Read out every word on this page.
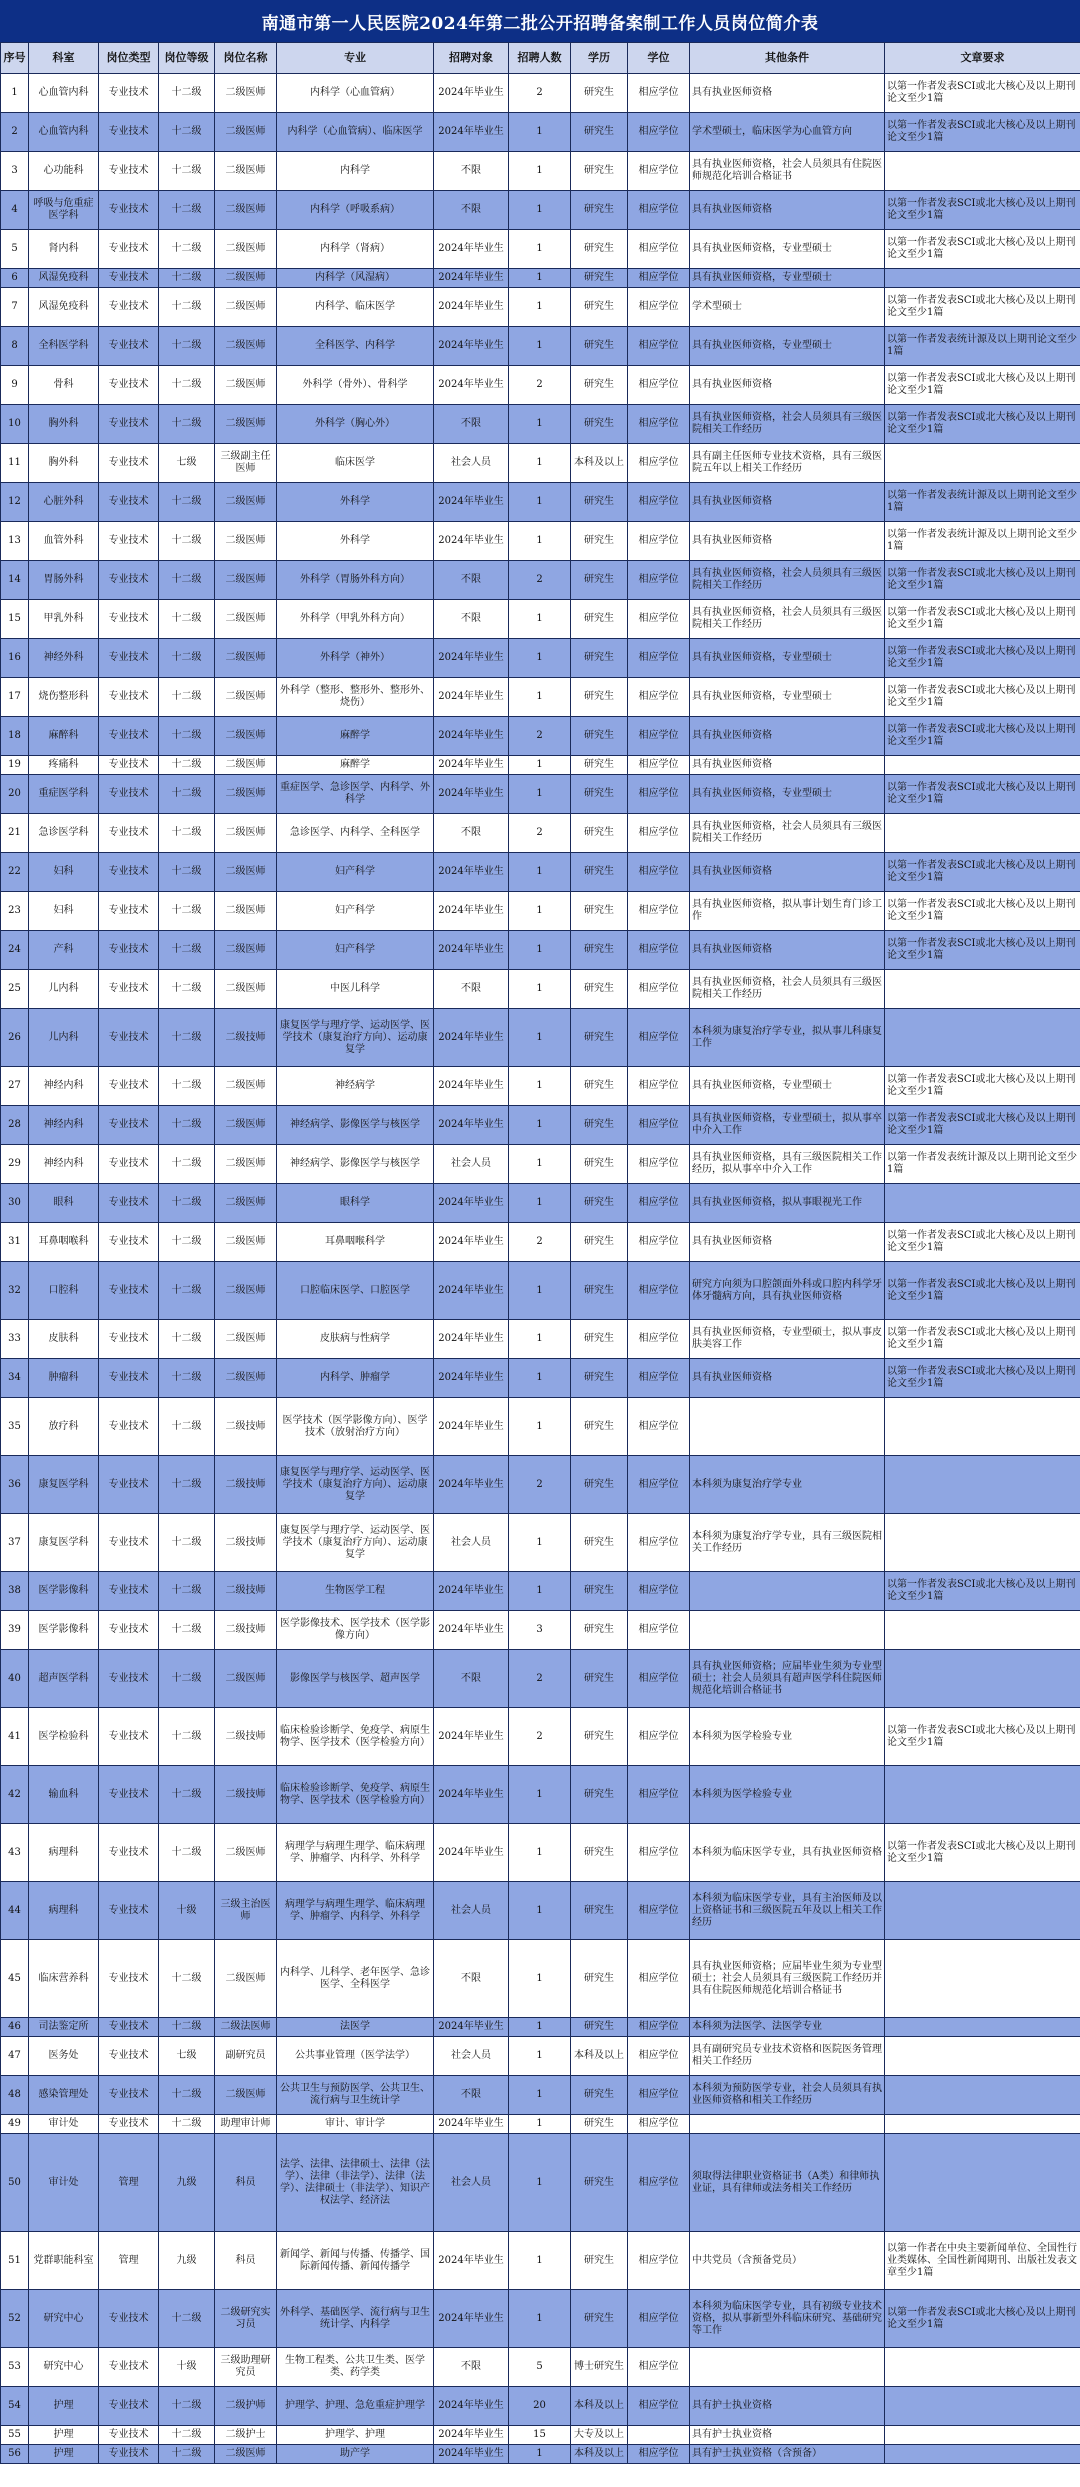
南通市第一人民医院2024年第二批公开招聘备案制工作人员岗位简介表
序号	科室	岗位类型	岗位等级	岗位名称	专业	招聘对象	招聘人数	学历	学位	其他条件	文章要求
1	心血管内科	专业技术	十二级	二级医师	内科学（心血管病）	2024年毕业生	2	研究生	相应学位	具有执业医师资格	以第一作者发表SCI或北大核心及以上期刊论文至少1篇
2	心血管内科	专业技术	十二级	二级医师	内科学（心血管病）、临床医学	2024年毕业生	1	研究生	相应学位	学术型硕士，临床医学为心血管方向	以第一作者发表SCI或北大核心及以上期刊论文至少1篇
3	心功能科	专业技术	十二级	二级医师	内科学	不限	1	研究生	相应学位	具有执业医师资格，社会人员须具有住院医师规范化培训合格证书	
4	呼吸与危重症医学科	专业技术	十二级	二级医师	内科学（呼吸系病）	不限	1	研究生	相应学位	具有执业医师资格	以第一作者发表SCI或北大核心及以上期刊论文至少1篇
5	肾内科	专业技术	十二级	二级医师	内科学（肾病）	2024年毕业生	1	研究生	相应学位	具有执业医师资格，专业型硕士	以第一作者发表SCI或北大核心及以上期刊论文至少1篇
6	风湿免疫科	专业技术	十二级	二级医师	内科学（风湿病）	2024年毕业生	1	研究生	相应学位	具有执业医师资格，专业型硕士	
7	风湿免疫科	专业技术	十二级	二级医师	内科学、临床医学	2024年毕业生	1	研究生	相应学位	学术型硕士	以第一作者发表SCI或北大核心及以上期刊论文至少1篇
8	全科医学科	专业技术	十二级	二级医师	全科医学、内科学	2024年毕业生	1	研究生	相应学位	具有执业医师资格，专业型硕士	以第一作者发表统计源及以上期刊论文至少1篇
9	骨科	专业技术	十二级	二级医师	外科学（骨外）、骨科学	2024年毕业生	2	研究生	相应学位	具有执业医师资格	以第一作者发表SCI或北大核心及以上期刊论文至少1篇
10	胸外科	专业技术	十二级	二级医师	外科学（胸心外）	不限	1	研究生	相应学位	具有执业医师资格，社会人员须具有三级医院相关工作经历	以第一作者发表SCI或北大核心及以上期刊论文至少1篇
11	胸外科	专业技术	七级	三级副主任医师	临床医学	社会人员	1	本科及以上	相应学位	具有副主任医师专业技术资格，具有三级医院五年以上相关工作经历	
12	心脏外科	专业技术	十二级	二级医师	外科学	2024年毕业生	1	研究生	相应学位	具有执业医师资格	以第一作者发表统计源及以上期刊论文至少1篇
13	血管外科	专业技术	十二级	二级医师	外科学	2024年毕业生	1	研究生	相应学位	具有执业医师资格	以第一作者发表统计源及以上期刊论文至少1篇
14	胃肠外科	专业技术	十二级	二级医师	外科学（胃肠外科方向）	不限	2	研究生	相应学位	具有执业医师资格，社会人员须具有三级医院相关工作经历	以第一作者发表SCI或北大核心及以上期刊论文至少1篇
15	甲乳外科	专业技术	十二级	二级医师	外科学（甲乳外科方向）	不限	1	研究生	相应学位	具有执业医师资格，社会人员须具有三级医院相关工作经历	以第一作者发表SCI或北大核心及以上期刊论文至少1篇
16	神经外科	专业技术	十二级	二级医师	外科学（神外）	2024年毕业生	1	研究生	相应学位	具有执业医师资格，专业型硕士	以第一作者发表SCI或北大核心及以上期刊论文至少1篇
17	烧伤整形科	专业技术	十二级	二级医师	外科学（整形、整形外、整形外、烧伤）	2024年毕业生	1	研究生	相应学位	具有执业医师资格，专业型硕士	以第一作者发表SCI或北大核心及以上期刊论文至少1篇
18	麻醉科	专业技术	十二级	二级医师	麻醉学	2024年毕业生	2	研究生	相应学位	具有执业医师资格	以第一作者发表SCI或北大核心及以上期刊论文至少1篇
19	疼痛科	专业技术	十二级	二级医师	麻醉学	2024年毕业生	1	研究生	相应学位	具有执业医师资格	
20	重症医学科	专业技术	十二级	二级医师	重症医学、急诊医学、内科学、外科学	2024年毕业生	1	研究生	相应学位	具有执业医师资格，专业型硕士	以第一作者发表SCI或北大核心及以上期刊论文至少1篇
21	急诊医学科	专业技术	十二级	二级医师	急诊医学、内科学、全科医学	不限	2	研究生	相应学位	具有执业医师资格，社会人员须具有三级医院相关工作经历	
22	妇科	专业技术	十二级	二级医师	妇产科学	2024年毕业生	1	研究生	相应学位	具有执业医师资格	以第一作者发表SCI或北大核心及以上期刊论文至少1篇
23	妇科	专业技术	十二级	二级医师	妇产科学	2024年毕业生	1	研究生	相应学位	具有执业医师资格，拟从事计划生育门诊工作	以第一作者发表SCI或北大核心及以上期刊论文至少1篇
24	产科	专业技术	十二级	二级医师	妇产科学	2024年毕业生	1	研究生	相应学位	具有执业医师资格	以第一作者发表SCI或北大核心及以上期刊论文至少1篇
25	儿内科	专业技术	十二级	二级医师	中医儿科学	不限	1	研究生	相应学位	具有执业医师资格，社会人员须具有三级医院相关工作经历	
26	儿内科	专业技术	十二级	二级技师	康复医学与理疗学、运动医学、医学技术（康复治疗方向）、运动康复学	2024年毕业生	1	研究生	相应学位	本科须为康复治疗学专业，拟从事儿科康复工作	
27	神经内科	专业技术	十二级	二级医师	神经病学	2024年毕业生	1	研究生	相应学位	具有执业医师资格，专业型硕士	以第一作者发表SCI或北大核心及以上期刊论文至少1篇
28	神经内科	专业技术	十二级	二级医师	神经病学、影像医学与核医学	2024年毕业生	1	研究生	相应学位	具有执业医师资格，专业型硕士，拟从事卒中介入工作	以第一作者发表SCI或北大核心及以上期刊论文至少1篇
29	神经内科	专业技术	十二级	二级医师	神经病学、影像医学与核医学	社会人员	1	研究生	相应学位	具有执业医师资格，具有三级医院相关工作经历，拟从事卒中介入工作	以第一作者发表统计源及以上期刊论文至少1篇
30	眼科	专业技术	十二级	二级医师	眼科学	2024年毕业生	1	研究生	相应学位	具有执业医师资格，拟从事眼视光工作	
31	耳鼻咽喉科	专业技术	十二级	二级医师	耳鼻咽喉科学	2024年毕业生	2	研究生	相应学位	具有执业医师资格	以第一作者发表SCI或北大核心及以上期刊论文至少1篇
32	口腔科	专业技术	十二级	二级医师	口腔临床医学、口腔医学	2024年毕业生	1	研究生	相应学位	研究方向须为口腔颌面外科或口腔内科学牙体牙髓病方向，具有执业医师资格	以第一作者发表SCI或北大核心及以上期刊论文至少1篇
33	皮肤科	专业技术	十二级	二级医师	皮肤病与性病学	2024年毕业生	1	研究生	相应学位	具有执业医师资格，专业型硕士，拟从事皮肤美容工作	以第一作者发表SCI或北大核心及以上期刊论文至少1篇
34	肿瘤科	专业技术	十二级	二级医师	内科学、肿瘤学	2024年毕业生	1	研究生	相应学位	具有执业医师资格	以第一作者发表SCI或北大核心及以上期刊论文至少1篇
35	放疗科	专业技术	十二级	二级技师	医学技术（医学影像方向）、医学技术（放射治疗方向）	2024年毕业生	1	研究生	相应学位		
36	康复医学科	专业技术	十二级	二级技师	康复医学与理疗学、运动医学、医学技术（康复治疗方向）、运动康复学	2024年毕业生	2	研究生	相应学位	本科须为康复治疗学专业	
37	康复医学科	专业技术	十二级	二级技师	康复医学与理疗学、运动医学、医学技术（康复治疗方向）、运动康复学	社会人员	1	研究生	相应学位	本科须为康复治疗学专业，具有三级医院相关工作经历	
38	医学影像科	专业技术	十二级	二级技师	生物医学工程	2024年毕业生	1	研究生	相应学位		以第一作者发表SCI或北大核心及以上期刊论文至少1篇
39	医学影像科	专业技术	十二级	二级技师	医学影像技术、医学技术（医学影像方向）	2024年毕业生	3	研究生	相应学位		
40	超声医学科	专业技术	十二级	二级医师	影像医学与核医学、超声医学	不限	2	研究生	相应学位	具有执业医师资格；应届毕业生须为专业型硕士；社会人员须具有超声医学科住院医师规范化培训合格证书	
41	医学检验科	专业技术	十二级	二级技师	临床检验诊断学、免疫学、病原生物学、医学技术（医学检验方向）	2024年毕业生	2	研究生	相应学位	本科须为医学检验专业	以第一作者发表SCI或北大核心及以上期刊论文至少1篇
42	输血科	专业技术	十二级	二级技师	临床检验诊断学、免疫学、病原生物学、医学技术（医学检验方向）	2024年毕业生	1	研究生	相应学位	本科须为医学检验专业	
43	病理科	专业技术	十二级	二级医师	病理学与病理生理学、临床病理学、肿瘤学、内科学、外科学	2024年毕业生	1	研究生	相应学位	本科须为临床医学专业，具有执业医师资格	以第一作者发表SCI或北大核心及以上期刊论文至少1篇
44	病理科	专业技术	十级	三级主治医师	病理学与病理生理学、临床病理学、肿瘤学、内科学、外科学	社会人员	1	研究生	相应学位	本科须为临床医学专业，具有主治医师及以上资格证书和三级医院五年及以上相关工作经历	
45	临床营养科	专业技术	十二级	二级医师	内科学、儿科学、老年医学、急诊医学、全科医学	不限	1	研究生	相应学位	具有执业医师资格；应届毕业生须为专业型硕士；社会人员须具有三级医院工作经历并具有住院医师规范化培训合格证书	
46	司法鉴定所	专业技术	十二级	二级法医师	法医学	2024年毕业生	1	研究生	相应学位	本科须为法医学、法医学专业	
47	医务处	专业技术	七级	副研究员	公共事业管理（医学法学）	社会人员	1	本科及以上	相应学位	具有副研究员专业技术资格和医院医务管理相关工作经历	
48	感染管理处	专业技术	十二级	二级医师	公共卫生与预防医学、公共卫生、流行病与卫生统计学	不限	1	研究生	相应学位	本科须为预防医学专业，社会人员须具有执业医师资格和相关工作经历	
49	审计处	专业技术	十二级	助理审计师	审计、审计学	2024年毕业生	1	研究生	相应学位		
50	审计处	管理	九级	科员	法学、法律、法律硕士、法律（法学）、法律（非法学）、法律（法学）、法律硕士（非法学）、知识产权法学、经济法	社会人员	1	研究生	相应学位	须取得法律职业资格证书（A类）和律师执业证，具有律师或法务相关工作经历	
51	党群职能科室	管理	九级	科员	新闻学、新闻与传播、传播学、国际新闻传播、新闻传播学	2024年毕业生	1	研究生	相应学位	中共党员（含预备党员）	以第一作者在中央主要新闻单位、全国性行业类媒体、全国性新闻期刊、出版社发表文章至少1篇
52	研究中心	专业技术	十二级	二级研究实习员	外科学、基础医学、流行病与卫生统计学、内科学	2024年毕业生	1	研究生	相应学位	本科须为临床医学专业，具有初级专业技术资格，拟从事新型外科临床研究、基础研究等工作	以第一作者发表SCI或北大核心及以上期刊论文至少1篇
53	研究中心	专业技术	十级	三级助理研究员	生物工程类、公共卫生类、医学类、药学类	不限	5	博士研究生	相应学位		
54	护理	专业技术	十二级	二级护师	护理学、护理、急危重症护理学	2024年毕业生	20	本科及以上	相应学位	具有护士执业资格	
55	护理	专业技术	十二级	二级护士	护理学、护理	2024年毕业生	15	大专及以上		具有护士执业资格	
56	护理	专业技术	十二级	二级医师	助产学	2024年毕业生	1	本科及以上	相应学位	具有护士执业资格（含预备）	
